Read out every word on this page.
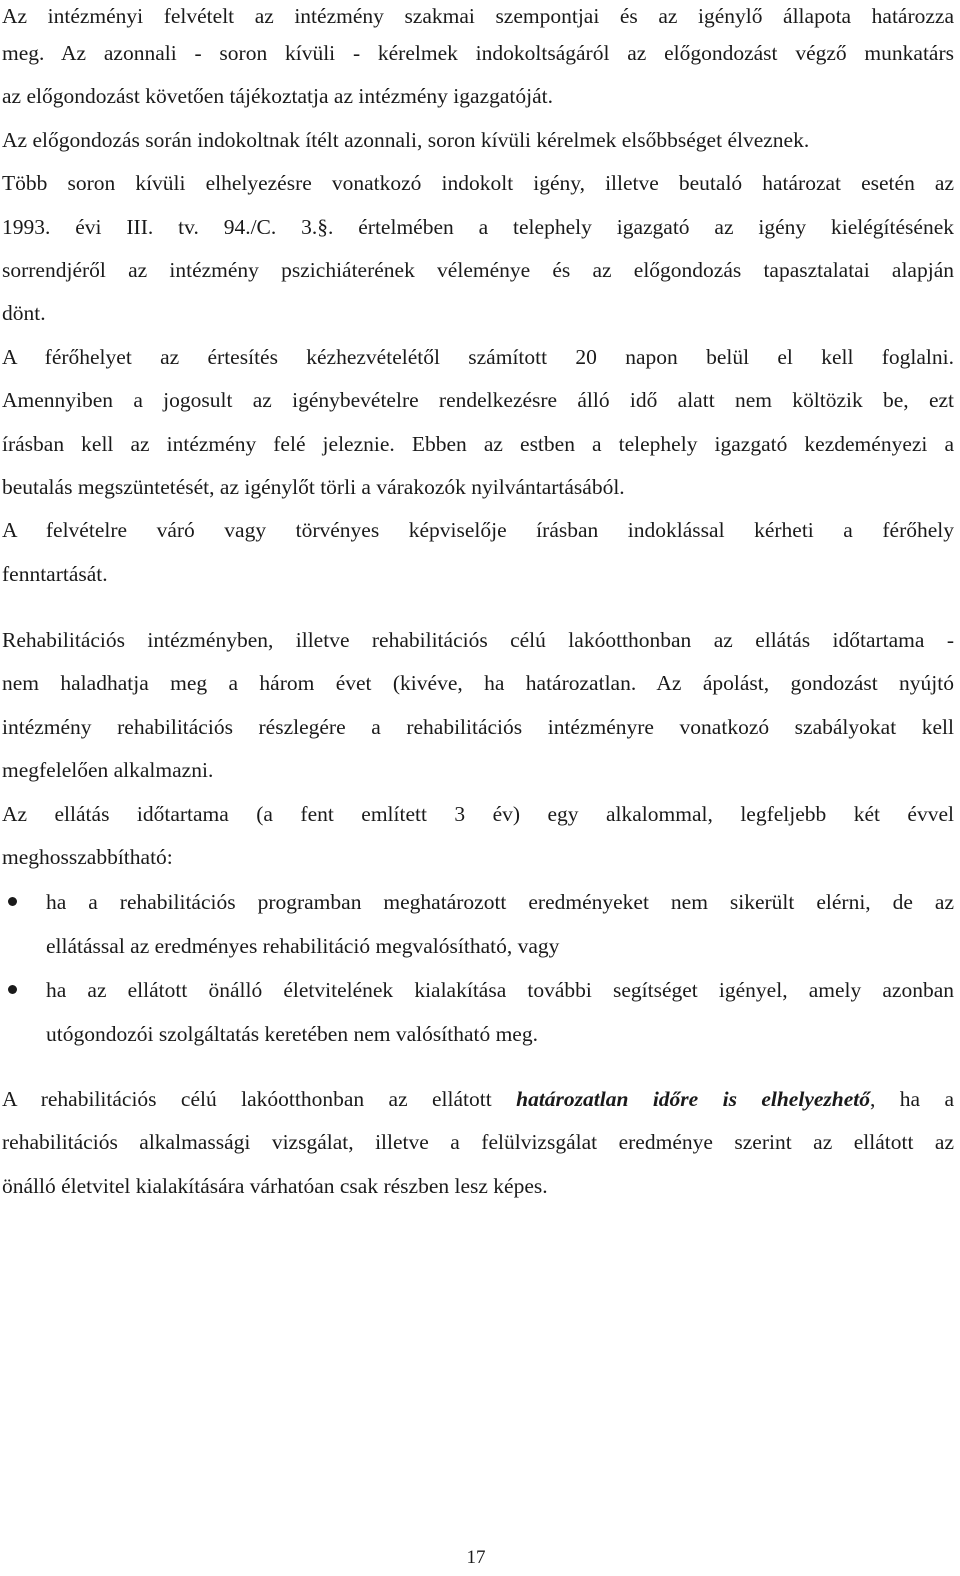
Az intézményi felvételt az intézmény szakmai szempontjai és az igénylő állapota határozza
meg. Az azonnali - soron kívüli - kérelmek indokoltságáról az előgondozást végző munkatárs
az előgondozást követően tájékoztatja az intézmény igazgatóját.
Az előgondozás során indokoltnak ítélt azonnali, soron kívüli kérelmek elsőbbséget élveznek.
Több soron kívüli elhelyezésre vonatkozó indokolt igény, illetve beutaló határozat esetén az
1993. évi III. tv. 94./C. 3.§. értelmében a telephely igazgató az igény kielégítésének
sorrendjéről az intézmény pszichiáterének véleménye és az előgondozás tapasztalatai alapján
dönt.
A férőhelyet az értesítés kézhezvételétől számított 20 napon belül el kell foglalni.
Amennyiben a jogosult az igénybevételre rendelkezésre álló idő alatt nem költözik be, ezt
írásban kell az intézmény felé jeleznie. Ebben az estben a telephely igazgató kezdeményezi a
beutalás megszüntetését, az igénylőt törli a várakozók nyilvántartásából.
A felvételre váró vagy törvényes képviselője írásban indoklással kérheti a férőhely
fenntartását.
Rehabilitációs intézményben, illetve rehabilitációs célú lakóotthonban az ellátás időtartama -
nem haladhatja meg a három évet (kivéve, ha határozatlan. Az ápolást, gondozást nyújtó
intézmény rehabilitációs részlegére a rehabilitációs intézményre vonatkozó szabályokat kell
megfelelően alkalmazni.
Az ellátás időtartama (a fent említett 3 év) egy alkalommal, legfeljebb két évvel
meghosszabbítható:
ha a rehabilitációs programban meghatározott eredményeket nem sikerült elérni, de az
ellátással az eredményes rehabilitáció megvalósítható, vagy
ha az ellátott önálló életvitelének kialakítása további segítséget igényel, amely azonban
utógondozói szolgáltatás keretében nem valósítható meg.
A rehabilitációs célú lakóotthonban az ellátott határozatlan időre is elhelyezhető, ha a
rehabilitációs alkalmassági vizsgálat, illetve a felülvizsgálat eredménye szerint az ellátott az
önálló életvitel kialakítására várhatóan csak részben lesz képes.
17
